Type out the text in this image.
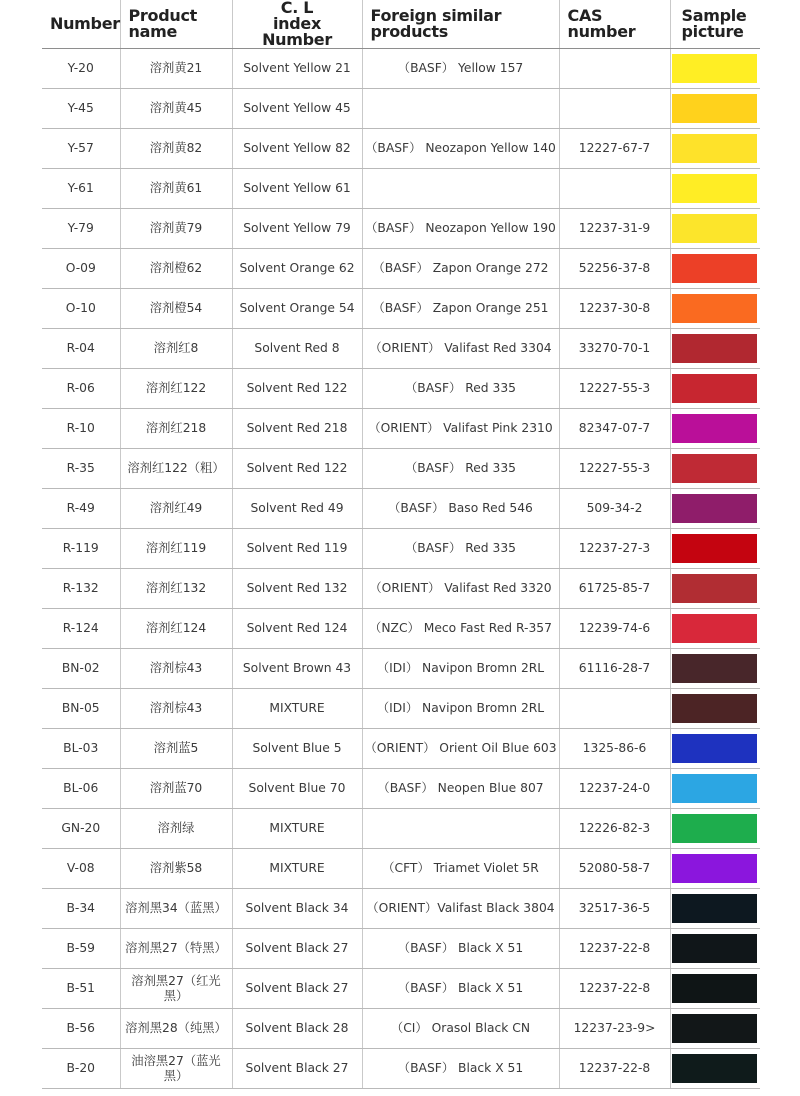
Number	Product name	C. L index Number	Foreign similar products	CAS number	Sample picture

Y-20	溶剂黄21	Solvent Yellow 21	（BASF） Yellow 157		

Y-45	溶剂黄45	Solvent Yellow 45			

Y-57	溶剂黄82	Solvent Yellow 82	（BASF） Neozapon Yellow 140	12227-67-7	

Y-61	溶剂黄61	Solvent Yellow 61			

Y-79	溶剂黄79	Solvent Yellow 79	（BASF） Neozapon Yellow 190	12237-31-9	

O-09	溶剂橙62	Solvent Orange 62	（BASF） Zapon Orange 272	52256-37-8	

O-10	溶剂橙54	Solvent Orange 54	（BASF） Zapon Orange 251	12237-30-8	

R-04	溶剂红8	Solvent Red 8	（ORIENT） Valifast Red 3304	33270-70-1	

R-06	溶剂红122	Solvent Red 122	（BASF） Red 335	12227-55-3	

R-10	溶剂红218	Solvent Red 218	（ORIENT） Valifast Pink 2310	82347-07-7	

R-35	溶剂红122（粗）	Solvent Red 122	（BASF） Red 335	12227-55-3	

R-49	溶剂红49	Solvent Red 49	（BASF） Baso Red 546	509-34-2	

R-119	溶剂红119	Solvent Red 119	（BASF） Red 335	12237-27-3	

R-132	溶剂红132	Solvent Red 132	（ORIENT） Valifast Red 3320	61725-85-7	

R-124	溶剂红124	Solvent Red 124	（NZC） Meco Fast Red R-357	12239-74-6	

BN-02	溶剂棕43	Solvent Brown 43	（IDI） Navipon Bromn 2RL	61116-28-7	

BN-05	溶剂棕43	MIXTURE	（IDI） Navipon Bromn 2RL		

BL-03	溶剂蓝5	Solvent Blue 5	（ORIENT） Orient Oil Blue 603	1325-86-6	

BL-06	溶剂蓝70	Solvent Blue 70	（BASF） Neopen Blue 807	12237-24-0	

GN-20	溶剂绿	MIXTURE		12226-82-3	

V-08	溶剂紫58	MIXTURE	（CFT） Triamet Violet 5R	52080-58-7	

B-34	溶剂黑34（蓝黑）	Solvent Black 34	（ORIENT）Valifast Black 3804	32517-36-5	

B-59	溶剂黑27（特黑）	Solvent Black 27	（BASF） Black X 51	12237-22-8	

B-51	溶剂黑27（红光黑）	Solvent Black 27	（BASF） Black X 51	12237-22-8	

B-56	溶剂黑28（纯黑）	Solvent Black 28	（CI） Orasol Black CN	12237-23-9>	

B-20	油溶黑27（蓝光黑）	Solvent Black 27	（BASF） Black X 51	12237-22-8	
